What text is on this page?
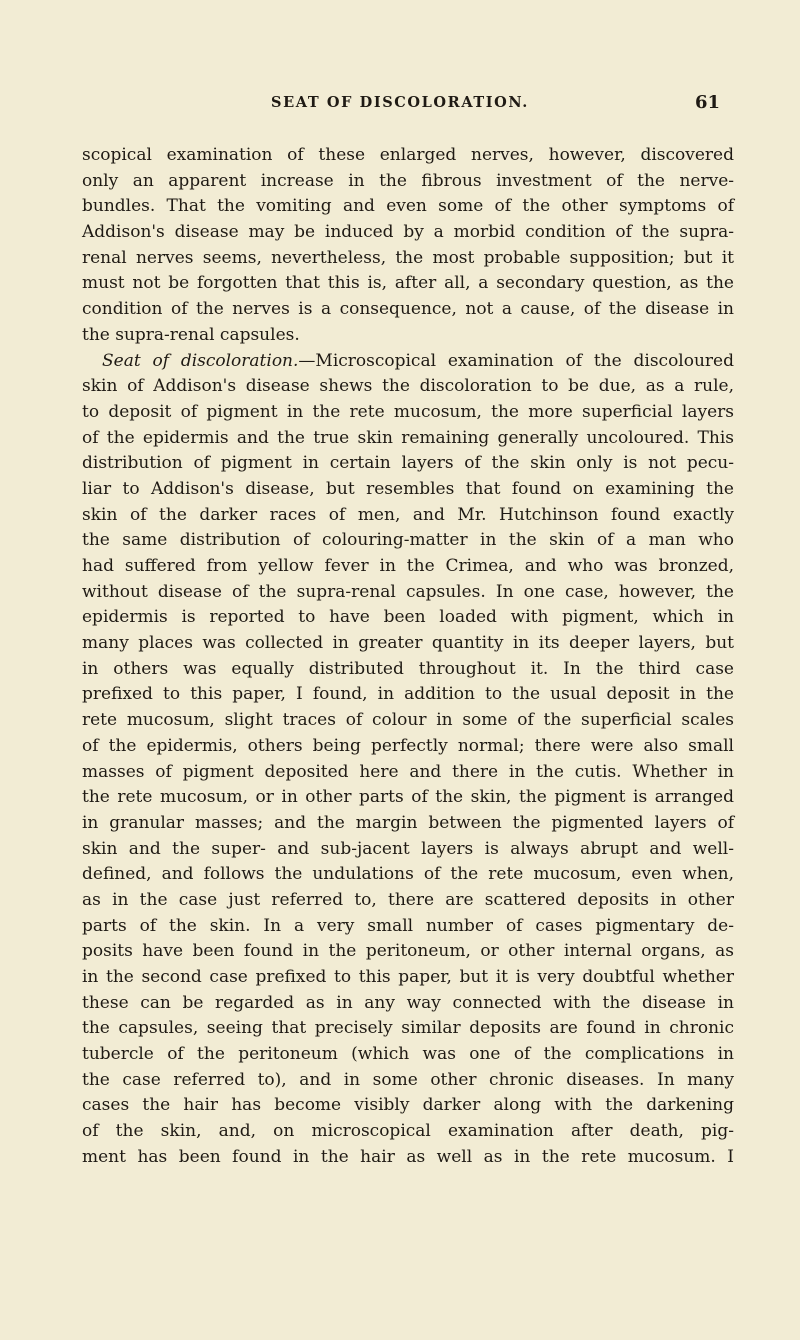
SEAT OF DISCOLORATION.	61
scopical examination of these enlarged nerves, however, discovered
only an apparent increase in the fibrous investment of the nerve-
bundles. That the vomiting and even some of the other symptoms of
Addison's disease may be induced by a morbid condition of the supra-
renal nerves seems, nevertheless, the most probable supposition; but it
must not be forgotten that this is, after all, a secondary question, as the
condition of the nerves is a consequence, not a cause, of the disease in
the supra-renal capsules.
Seat of discoloration.—Microscopical examination of the discoloured
skin of Addison's disease shews the discoloration to be due, as a rule,
to deposit of pigment in the rete mucosum, the more superficial layers
of the epidermis and the true skin remaining generally uncoloured. This
distribution of pigment in certain layers of the skin only is not pecu-
liar to Addison's disease, but resembles that found on examining the
skin of the darker races of men, and Mr. Hutchinson found exactly
the same distribution of colouring-matter in the skin of a man who
had suffered from yellow fever in the Crimea, and who was bronzed,
without disease of the supra-renal capsules. In one case, however, the
epidermis is reported to have been loaded with pigment, which in
many places was collected in greater quantity in its deeper layers, but
in others was equally distributed throughout it. In the third case
prefixed to this paper, I found, in addition to the usual deposit in the
rete mucosum, slight traces of colour in some of the superficial scales
of the epidermis, others being perfectly normal; there were also small
masses of pigment deposited here and there in the cutis. Whether in
the rete mucosum, or in other parts of the skin, the pigment is arranged
in granular masses; and the margin between the pigmented layers of
skin and the super- and sub-jacent layers is always abrupt and well-
defined, and follows the undulations of the rete mucosum, even when,
as in the case just referred to, there are scattered deposits in other
parts of the skin. In a very small number of cases pigmentary de-
posits have been found in the peritoneum, or other internal organs, as
in the second case prefixed to this paper, but it is very doubtful whether
these can be regarded as in any way connected with the disease in
the capsules, seeing that precisely similar deposits are found in chronic
tubercle of the peritoneum (which was one of the complications in
the case referred to), and in some other chronic diseases. In many
cases the hair has become visibly darker along with the darkening
of the skin, and, on microscopical examination after death, pig-
ment has been found in the hair as well as in the rete mucosum. I
